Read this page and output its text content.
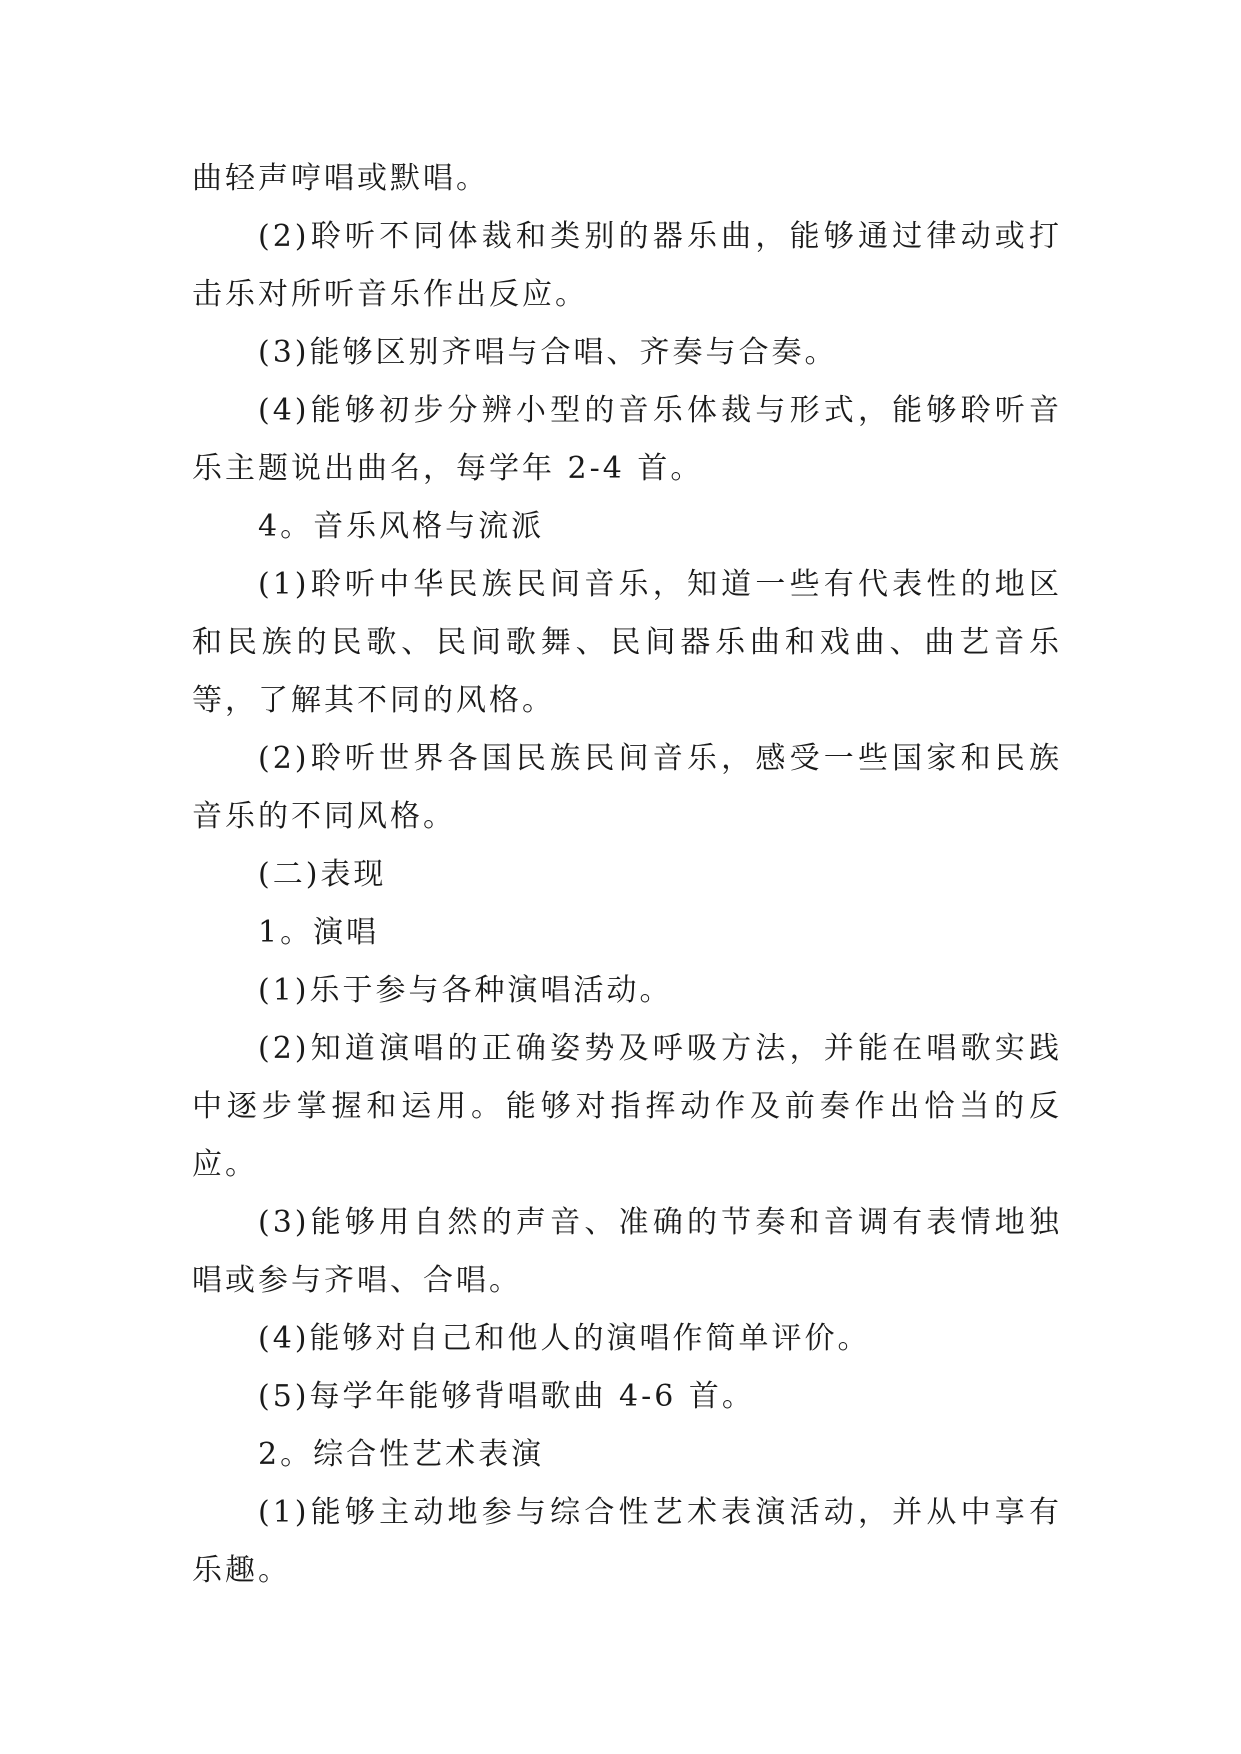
曲轻声哼唱或默唱。

(2)聆听不同体裁和类别的器乐曲，能够通过律动或打击乐对所听音乐作出反应。

(3)能够区别齐唱与合唱、齐奏与合奏。

(4)能够初步分辨小型的音乐体裁与形式，能够聆听音乐主题说出曲名，每学年 2-4 首。

4。音乐风格与流派

(1)聆听中华民族民间音乐，知道一些有代表性的地区和民族的民歌、民间歌舞、民间器乐曲和戏曲、曲艺音乐等，了解其不同的风格。

(2)聆听世界各国民族民间音乐，感受一些国家和民族音乐的不同风格。

(二)表现

1。演唱

(1)乐于参与各种演唱活动。

(2)知道演唱的正确姿势及呼吸方法，并能在唱歌实践中逐步掌握和运用。能够对指挥动作及前奏作出恰当的反应。

(3)能够用自然的声音、准确的节奏和音调有表情地独唱或参与齐唱、合唱。

(4)能够对自己和他人的演唱作简单评价。

(5)每学年能够背唱歌曲 4-6 首。

2。综合性艺术表演

(1)能够主动地参与综合性艺术表演活动，并从中享有乐趣。
